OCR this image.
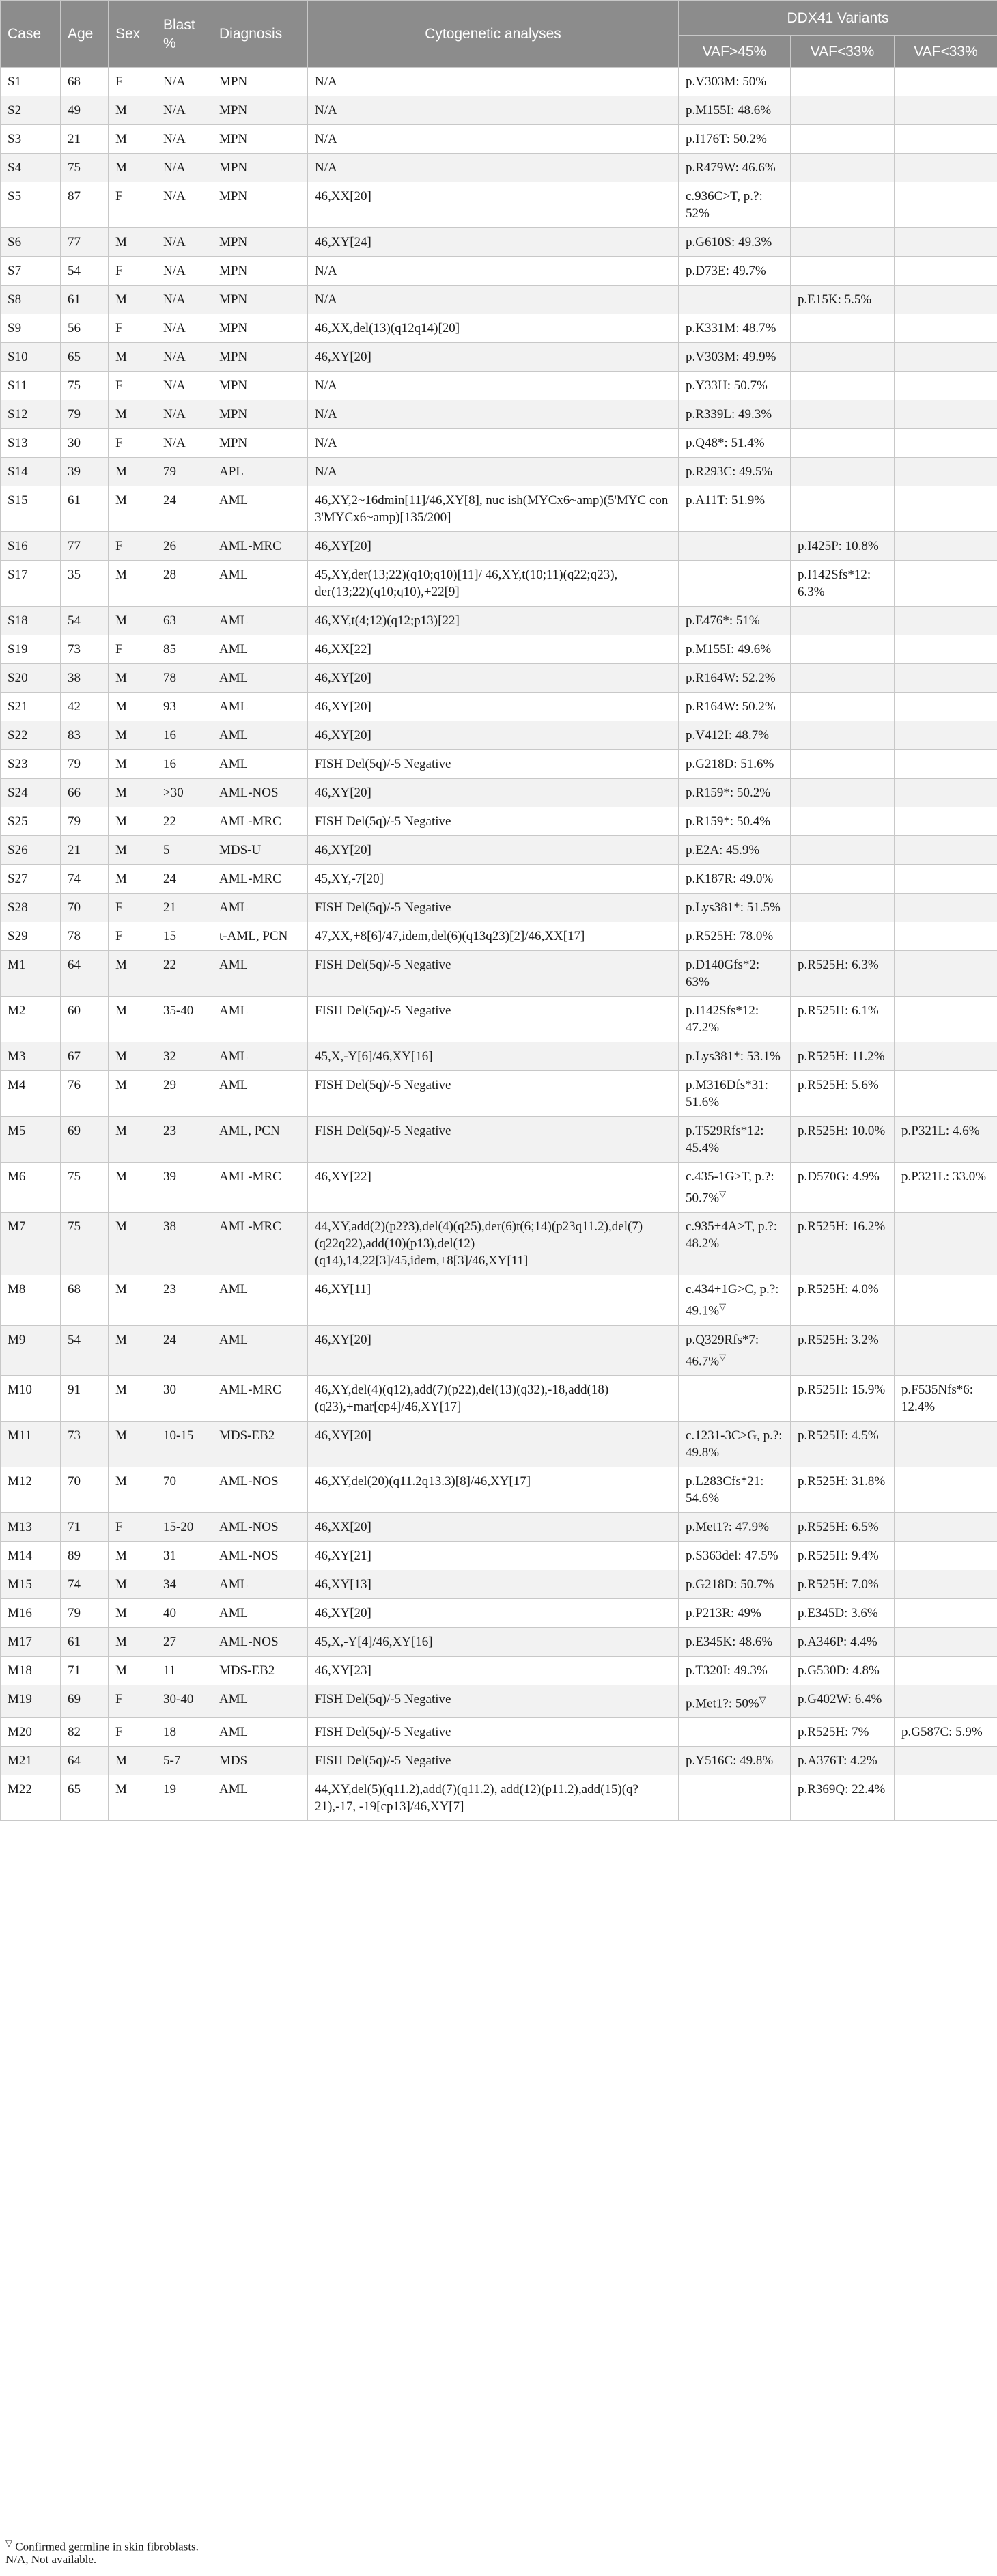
Case	Age	Sex	Blast %	Diagnosis	Cytogenetic analyses	DDX41 Variants		
						VAF>45%	VAF<33%	VAF<33%
S1	68	F	N/A	MPN	N/A	p.V303M: 50%		
S2	49	M	N/A	MPN	N/A	p.M155I: 48.6%		
S3	21	M	N/A	MPN	N/A	p.I176T: 50.2%		
S4	75	M	N/A	MPN	N/A	p.R479W: 46.6%		
S5	87	F	N/A	MPN	46,XX[20]	c.936C>T, p.?: 52%		
S6	77	M	N/A	MPN	46,XY[24]	p.G610S: 49.3%		
S7	54	F	N/A	MPN	N/A	p.D73E: 49.7%		
S8	61	M	N/A	MPN	N/A		p.E15K: 5.5%	
S9	56	F	N/A	MPN	46,XX,del(13)(q12q14)[20]	p.K331M: 48.7%		
S10	65	M	N/A	MPN	46,XY[20]	p.V303M: 49.9%		
S11	75	F	N/A	MPN	N/A	p.Y33H: 50.7%		
S12	79	M	N/A	MPN	N/A	p.R339L: 49.3%		
S13	30	F	N/A	MPN	N/A	p.Q48*: 51.4%		
S14	39	M	79	APL	N/A	p.R293C: 49.5%		
S15	61	M	24	AML	46,XY,2~16dmin[11]/46,XY[8], nuc ish(MYCx6~amp)(5'MYC con 3'MYCx6~amp)[135/200]	p.A11T: 51.9%		
S16	77	F	26	AML-MRC	46,XY[20]		p.I425P: 10.8%	
S17	35	M	28	AML	45,XY,der(13;22)(q10;q10)[11]/ 46,XY,t(10;11)(q22;q23), der(13;22)(q10;q10),+22[9]		p.I142Sfs*12: 6.3%	
S18	54	M	63	AML	46,XY,t(4;12)(q12;p13)[22]	p.E476*: 51%		
S19	73	F	85	AML	46,XX[22]	p.M155I: 49.6%		
S20	38	M	78	AML	46,XY[20]	p.R164W: 52.2%		
S21	42	M	93	AML	46,XY[20]	p.R164W: 50.2%		
S22	83	M	16	AML	46,XY[20]	p.V412I: 48.7%		
S23	79	M	16	AML	FISH Del(5q)/-5 Negative	p.G218D: 51.6%		
S24	66	M	>30	AML-NOS	46,XY[20]	p.R159*: 50.2%		
S25	79	M	22	AML-MRC	FISH Del(5q)/-5 Negative	p.R159*: 50.4%		
S26	21	M	5	MDS-U	46,XY[20]	p.E2A: 45.9%		
S27	74	M	24	AML-MRC	45,XY,-7[20]	p.K187R: 49.0%		
S28	70	F	21	AML	FISH Del(5q)/-5 Negative	p.Lys381*: 51.5%		
S29	78	F	15	t-AML, PCN	47,XX,+8[6]/47,idem,del(6)(q13q23)[2]/46,XX[17]	p.R525H: 78.0%		
M1	64	M	22	AML	FISH Del(5q)/-5 Negative	p.D140Gfs*2: 63%	p.R525H: 6.3%	
M2	60	M	35-40	AML	FISH Del(5q)/-5 Negative	p.I142Sfs*12: 47.2%	p.R525H: 6.1%	
M3	67	M	32	AML	45,X,-Y[6]/46,XY[16]	p.Lys381*: 53.1%	p.R525H: 11.2%	
M4	76	M	29	AML	FISH Del(5q)/-5 Negative	p.M316Dfs*31: 51.6%	p.R525H: 5.6%	
M5	69	M	23	AML, PCN	FISH Del(5q)/-5 Negative	p.T529Rfs*12: 45.4%	p.R525H: 10.0%	p.P321L: 4.6%
M6	75	M	39	AML-MRC	46,XY[22]	c.435-1G>T, p.?: 50.7%▽	p.D570G: 4.9%	p.P321L: 33.0%
M7	75	M	38	AML-MRC	44,XY,add(2)(p2?3),del(4)(q25),der(6)t(6;14)(p23q11.2),del(7)(q22q22),add(10)(p13),del(12)(q14),14,22[3]/45,idem,+8[3]/46,XY[11]	c.935+4A>T, p.?: 48.2%	p.R525H: 16.2%	
M8	68	M	23	AML	46,XY[11]	c.434+1G>C, p.?: 49.1%▽	p.R525H: 4.0%	
M9	54	M	24	AML	46,XY[20]	p.Q329Rfs*7: 46.7%▽	p.R525H: 3.2%	
M10	91	M	30	AML-MRC	46,XY,del(4)(q12),add(7)(p22),del(13)(q32),-18,add(18)(q23),+mar[cp4]/46,XY[17]		p.R525H: 15.9%	p.F535Nfs*6: 12.4%
M11	73	M	10-15	MDS-EB2	46,XY[20]	c.1231-3C>G, p.?: 49.8%	p.R525H: 4.5%	
M12	70	M	70	AML-NOS	46,XY,del(20)(q11.2q13.3)[8]/46,XY[17]	p.L283Cfs*21: 54.6%	p.R525H: 31.8%	
M13	71	F	15-20	AML-NOS	46,XX[20]	p.Met1?: 47.9%	p.R525H: 6.5%	
M14	89	M	31	AML-NOS	46,XY[21]	p.S363del: 47.5%	p.R525H: 9.4%	
M15	74	M	34	AML	46,XY[13]	p.G218D: 50.7%	p.R525H: 7.0%	
M16	79	M	40	AML	46,XY[20]	p.P213R: 49%	p.E345D: 3.6%	
M17	61	M	27	AML-NOS	45,X,-Y[4]/46,XY[16]	p.E345K: 48.6%	p.A346P: 4.4%	
M18	71	M	11	MDS-EB2	46,XY[23]	p.T320I: 49.3%	p.G530D: 4.8%	
M19	69	F	30-40	AML	FISH Del(5q)/-5 Negative	p.Met1?: 50%▽	p.G402W: 6.4%	
M20	82	F	18	AML	FISH Del(5q)/-5 Negative		p.R525H: 7%	p.G587C: 5.9%
M21	64	M	5-7	MDS	FISH Del(5q)/-5 Negative	p.Y516C: 49.8%	p.A376T: 4.2%	
M22	65	M	19	AML	44,XY,del(5)(q11.2),add(7)(q11.2), add(12)(p11.2),add(15)(q?21),-17, -19[cp13]/46,XY[7]		p.R369Q: 22.4%	
▽ Confirmed germline in skin fibroblasts.
N/A, Not available.
